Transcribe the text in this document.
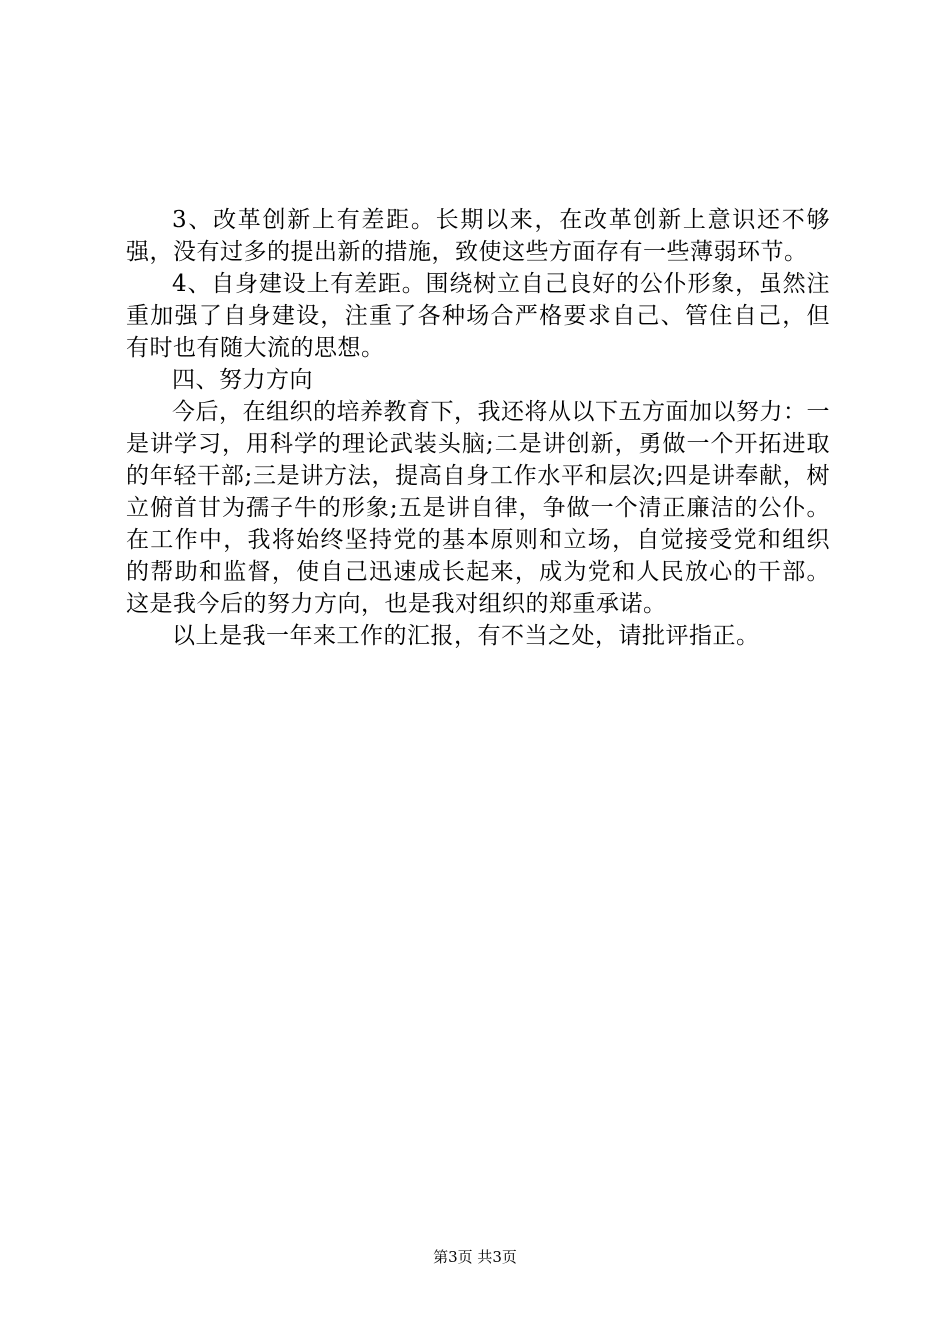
3、改革创新上有差距。长期以来，在改革创新上意识还不够强，没有过多的提出新的措施，致使这些方面存有一些薄弱环节。

4、自身建设上有差距。围绕树立自己良好的公仆形象，虽然注重加强了自身建设，注重了各种场合严格要求自己、管住自己，但有时也有随大流的思想。

四、努力方向

今后，在组织的培养教育下，我还将从以下五方面加以努力：一是讲学习，用科学的理论武装头脑;二是讲创新，勇做一个开拓进取的年轻干部;三是讲方法，提高自身工作水平和层次;四是讲奉献，树立俯首甘为孺子牛的形象;五是讲自律，争做一个清正廉洁的公仆。在工作中，我将始终坚持党的基本原则和立场，自觉接受党和组织的帮助和监督，使自己迅速成长起来，成为党和人民放心的干部。这是我今后的努力方向，也是我对组织的郑重承诺。

以上是我一年来工作的汇报，有不当之处，请批评指正。

第3页 共3页
